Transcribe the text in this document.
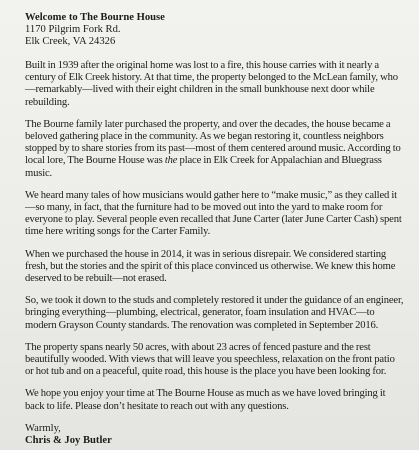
Welcome to The Bourne House
1170 Pilgrim Fork Rd.
Elk Creek, VA 24326

Built in 1939 after the original home was lost to a fire, this house carries with it nearly a century of Elk Creek history. At that time, the property belonged to the McLean family, who—remarkably—lived with their eight children in the small bunkhouse next door while rebuilding.

The Bourne family later purchased the property, and over the decades, the house became a beloved gathering place in the community. As we began restoring it, countless neighbors stopped by to share stories from its past—most of them centered around music. According to local lore, The Bourne House was the place in Elk Creek for Appalachian and Bluegrass music.

We heard many tales of how musicians would gather here to “make music,” as they called it—so many, in fact, that the furniture had to be moved out into the yard to make room for everyone to play. Several people even recalled that June Carter (later June Carter Cash) spent time here writing songs for the Carter Family.

When we purchased the house in 2014, it was in serious disrepair. We considered starting fresh, but the stories and the spirit of this place convinced us otherwise. We knew this home deserved to be rebuilt—not erased.

So, we took it down to the studs and completely restored it under the guidance of an engineer, bringing everything—plumbing, electrical, generator, foam insulation and HVAC—to modern Grayson County standards. The renovation was completed in September 2016.

The property spans nearly 50 acres, with about 23 acres of fenced pasture and the rest beautifully wooded. With views that will leave you speechless, relaxation on the front patio or hot tub and on a peaceful, quite road, this house is the place you have been looking for.

We hope you enjoy your time at The Bourne House as much as we have loved bringing it back to life. Please don’t hesitate to reach out with any questions.

Warmly,
Chris & Joy Butler
